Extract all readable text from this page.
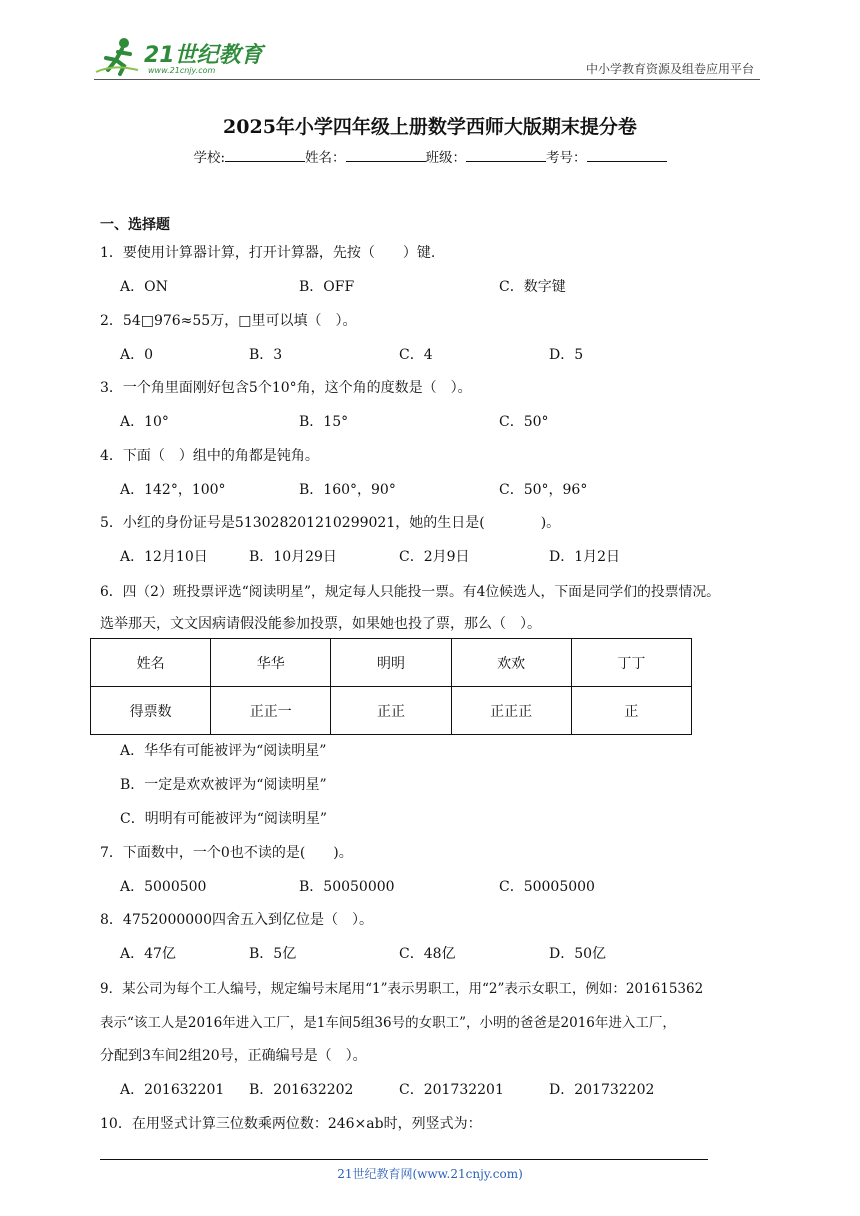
21世纪教育
www.21cnjy.com	中小学教育资源及组卷应用平台
2025年小学四年级上册数学西师大版期末提分卷
学校:	姓名：	班级：	考号：
一、选择题
1．要使用计算器计算，打开计算器，先按（　　）键.
A．ON	B．OFF	C．数字键
2．54□976≈55万，□里可以填（　）。
A．0	B．3	C．4	D．5
3．一个角里面刚好包含5个10°角，这个角的度数是（　）。
A．10°	B．15°	C．50°
4．下面（　）组中的角都是钝角。
A．142°，100°	B．160°，90°	C．50°，96°
5．小红的身份证号是513028201210299021，她的生日是(　　　　)。
A．12月10日	B．10月29日	C．2月9日	D．1月2日
6．四（2）班投票评选“阅读明星”，规定每人只能投一票。有4位候选人，下面是同学们的投票情况。
选举那天，文文因病请假没能参加投票，如果她也投了票，那么（　）。
姓名	华华	明明	欢欢	丁丁
得票数	正正一	正正	正正正	正
A．华华有可能被评为“阅读明星”
B．一定是欢欢被评为“阅读明星”
C．明明有可能被评为“阅读明星”
7．下面数中，一个0也不读的是(　　)。
A．5000500	B．50050000	C．50005000
8．4752000000四舍五入到亿位是（　）。
A．47亿	B．5亿	C．48亿	D．50亿
9．某公司为每个工人编号，规定编号末尾用“1”表示男职工，用“2”表示女职工，例如：201615362
表示“该工人是2016年进入工厂，是1车间5组36号的女职工”，小明的爸爸是2016年进入工厂，
分配到3车间2组20号，正确编号是（　）。
A．201632201 B．201632202	C．201732201	D．201732202
10．在用竖式计算三位数乘两位数：246×ab时，列竖式为：
21世纪教育网(www.21cnjy.com)
